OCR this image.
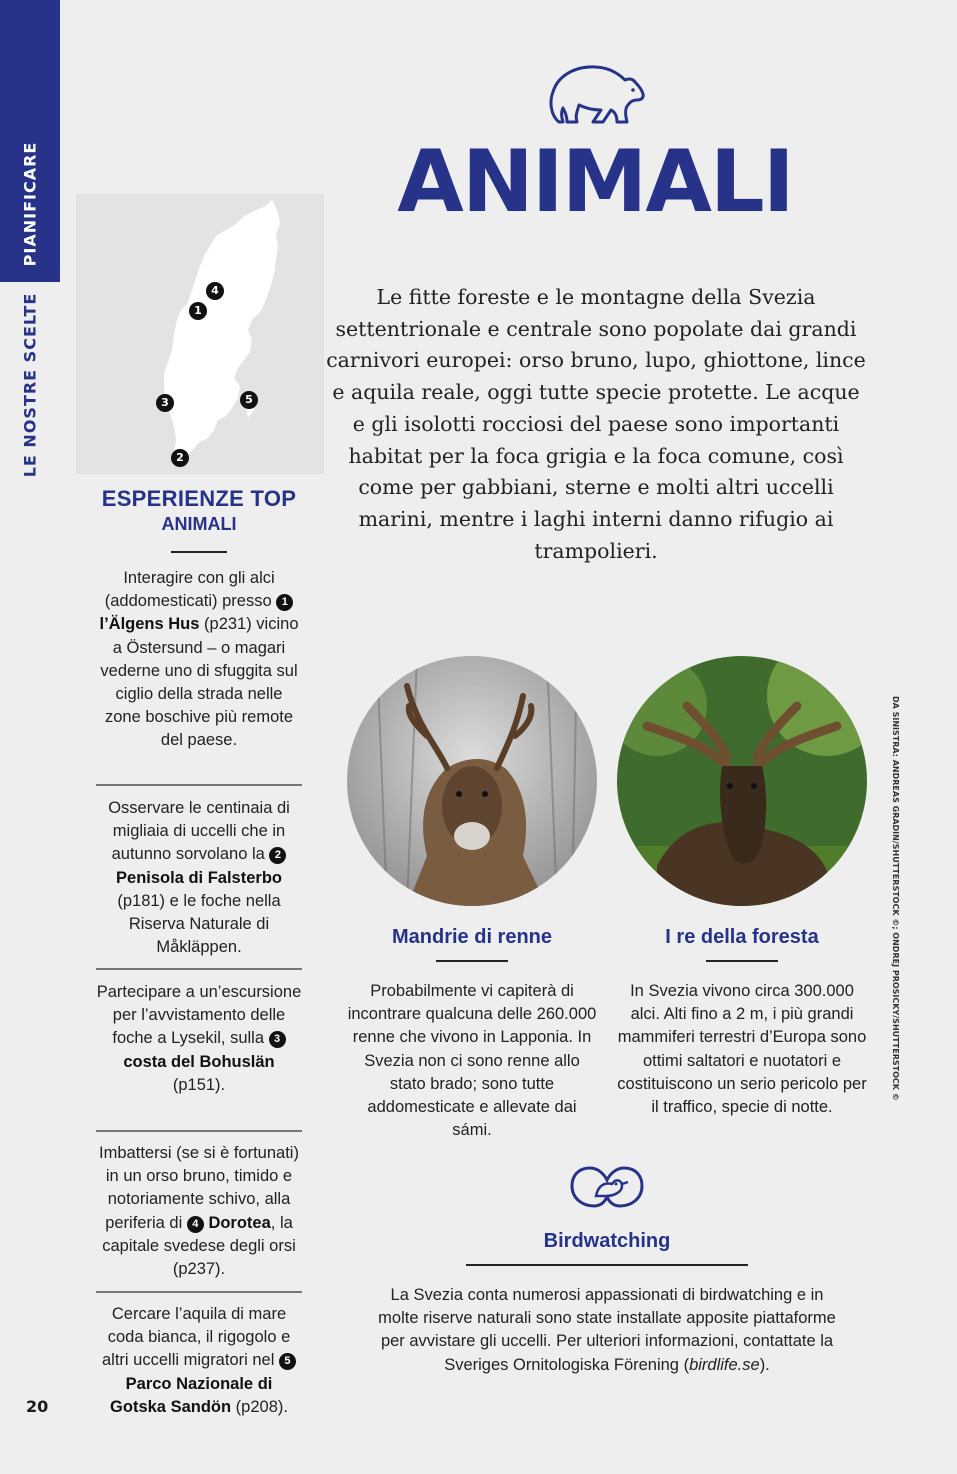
PIANIFICARE
LE NOSTRE SCELTE
20
ANIMALI
Le fitte foreste e le montagne della Svezia settentrionale e centrale sono popolate dai grandi carnivori europei: orso bruno, lupo, ghiottone, lince e aquila reale, oggi tutte specie protette. Le acque e gli isolotti rocciosi del paese sono importanti habitat per la foca grigia e la foca comune, così come per gabbiani, sterne e molti altri uccelli marini, mentre i laghi interni danno rifugio ai trampolieri.
1
2
3
4
5
ESPERIENZE TOP
ANIMALI
Interagire con gli alci (addomesticati) presso 1l’Älgens Hus (p231) vicino a Östersund – o magari vederne uno di sfuggita sul ciglio della strada nelle zone boschive più remote del paese.
Osservare le centinaia di migliaia di uccelli che in autunno sorvolano la 2 Penisola di Falsterbo (p181) e le foche nella Riserva Naturale di Måkläppen.
Partecipare a un’escursione per l’avvistamento delle foche a Lysekil, sulla 3 costa del Bohuslän (p151).
Imbattersi (se si è fortunati) in un orso bruno, timido e notoriamente schivo, alla periferia di 4 Dorotea, la capitale svedese degli orsi (p237).
Cercare l’aquila di mare coda bianca, il rigogolo e altri uccelli migratori nel 5 Parco Nazionale di Gotska Sandön (p208).
DA SINISTRA: ANDREAS GRADIN/SHUTTERSTOCK ©; ONDREJ PROSICKY/SHUTTERSTOCK ©
Mandrie di renne
Probabilmente vi capiterà di incontrare qualcuna delle 260.000 renne che vivono in Lapponia. In Svezia non ci sono renne allo stato brado; sono tutte addomesticate e allevate dai sámi.
I re della foresta
In Svezia vivono circa 300.000 alci. Alti fino a 2 m, i più grandi mammiferi terrestri d’Europa sono ottimi saltatori e nuotatori e costituiscono un serio pericolo per il traffico, specie di notte.
Birdwatching
La Svezia conta numerosi appassionati di birdwatching e in molte riserve naturali sono state installate apposite piattaforme per avvistare gli uccelli. Per ulteriori informazioni, contattate la Sveriges Ornitologiska Förening (birdlife.se).
